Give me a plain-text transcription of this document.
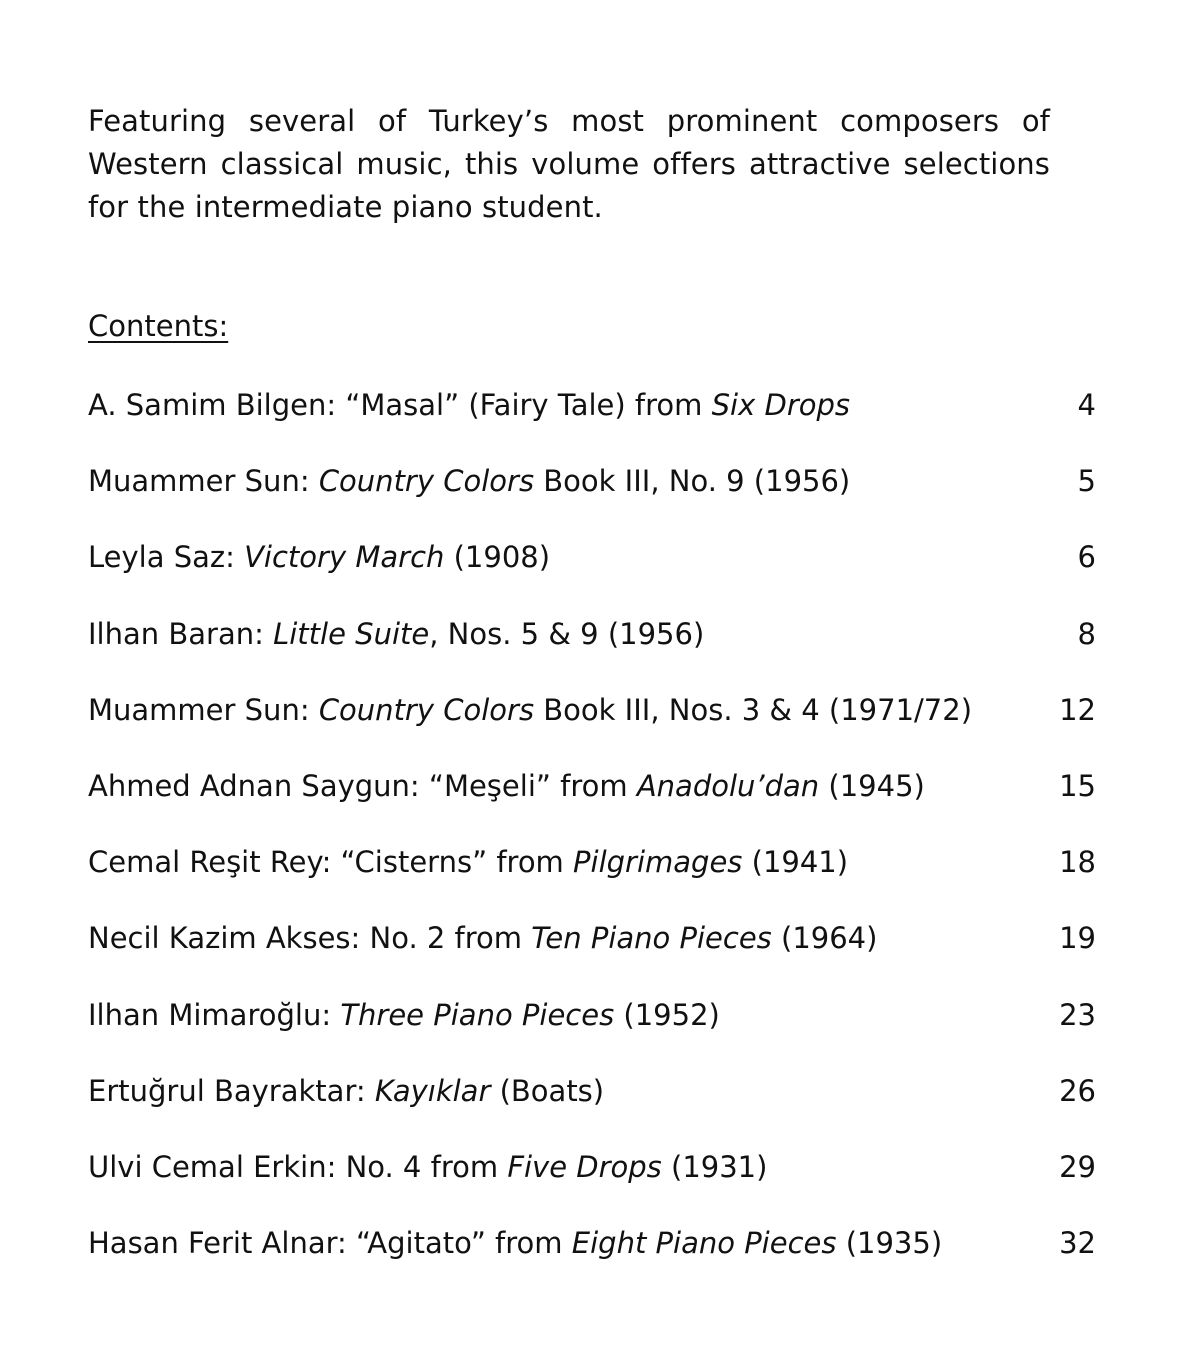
Featuring several of Turkey’s most prominent composers of Western classical music, this volume offers attractive selections for the intermediate piano student.

Contents:
A. Samim Bilgen: “Masal” (Fairy Tale) from Six Drops	4
Muammer Sun: Country Colors Book III, No. 9 (1956)	5
Leyla Saz: Victory March (1908)	6
Ilhan Baran: Little Suite, Nos. 5 & 9 (1956)	8
Muammer Sun: Country Colors Book III, Nos. 3 & 4 (1971/72)	12
Ahmed Adnan Saygun: “Meşeli” from Anadolu’dan (1945)	15
Cemal Reşit Rey: “Cisterns” from Pilgrimages (1941)	18
Necil Kazim Akses: No. 2 from Ten Piano Pieces (1964)	19
Ilhan Mimaroğlu: Three Piano Pieces (1952)	23
Ertuğrul Bayraktar: Kayıklar (Boats)	26
Ulvi Cemal Erkin: No. 4 from Five Drops (1931)	29
Hasan Ferit Alnar: “Agitato” from Eight Piano Pieces (1935)	32
